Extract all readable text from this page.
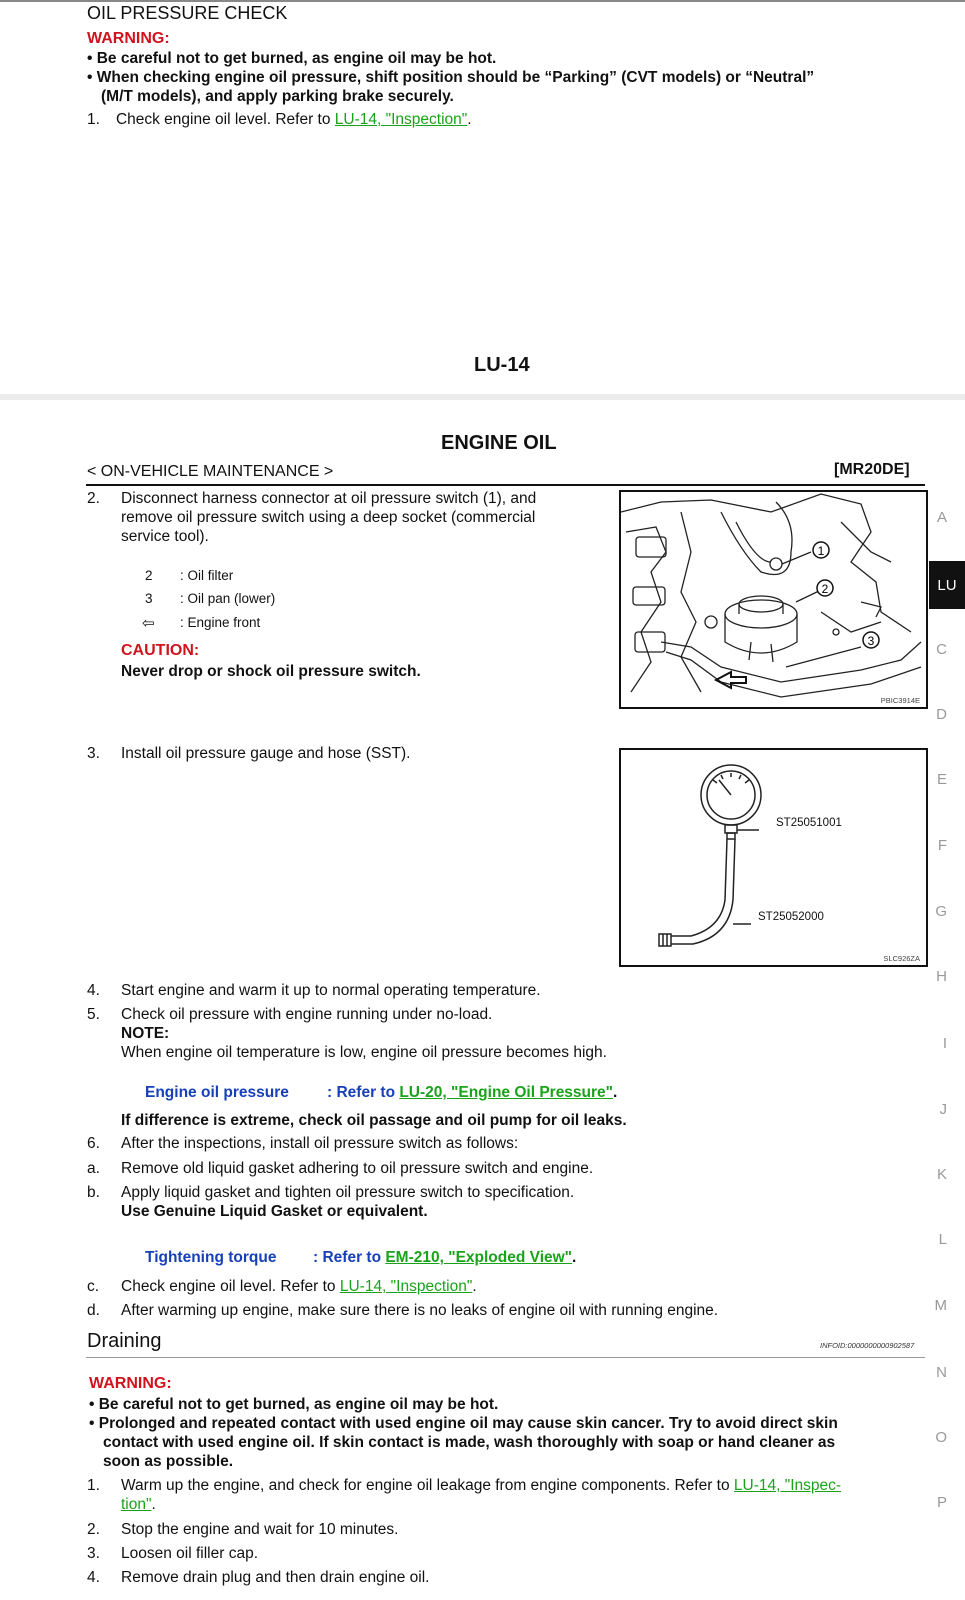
OIL PRESSURE CHECK
WARNING:
• Be careful not to get burned, as engine oil may be hot.
• When checking engine oil pressure, shift position should be “Parking” (CVT models) or “Neutral”
(M/T models), and apply parking brake securely.
1. Check engine oil level. Refer to LU-14, "Inspection".
LU-14
ENGINE OIL
< ON-VEHICLE MAINTENANCE >	[MR20DE]
2. Disconnect harness connector at oil pressure switch (1), and
remove oil pressure switch using a deep socket (commercial
service tool).
2 : Oil filter
3 : Oil pan (lower)
⇦ : Engine front
CAUTION:
Never drop or shock oil pressure switch.
1
2
3
PBIC3914E
3. Install oil pressure gauge and hose (SST).
ST25051001
ST25052000
SLC926ZA
4. Start engine and warm it up to normal operating temperature.
5. Check oil pressure with engine running under no-load.
NOTE:
When engine oil temperature is low, engine oil pressure becomes high.
Engine oil pressure : Refer to LU-20, "Engine Oil Pressure".
If difference is extreme, check oil passage and oil pump for oil leaks.
6. After the inspections, install oil pressure switch as follows:
a. Remove old liquid gasket adhering to oil pressure switch and engine.
b. Apply liquid gasket and tighten oil pressure switch to specification.
Use Genuine Liquid Gasket or equivalent.
Tightening torque : Refer to EM-210, "Exploded View".
c. Check engine oil level. Refer to LU-14, "Inspection".
d. After warming up engine, make sure there is no leaks of engine oil with running engine.
Draining	INFOID:0000000000902587
WARNING:
• Be careful not to get burned, as engine oil may be hot.
• Prolonged and repeated contact with used engine oil may cause skin cancer. Try to avoid direct skin
contact with used engine oil. If skin contact is made, wash thoroughly with soap or hand cleaner as
soon as possible.
1. Warm up the engine, and check for engine oil leakage from engine components. Refer to LU-14, "Inspec-
tion".
2. Stop the engine and wait for 10 minutes.
3. Loosen oil filler cap.
4. Remove drain plug and then drain engine oil.
A
LU
C
D
E
F
G
H
I
J
K
L
M
N
O
P
